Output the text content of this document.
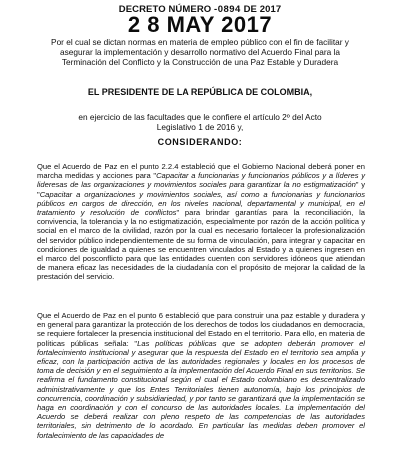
DECRETO NÚMERO -0894 DE 2017
2 8 MAY 2017
Por el cual se dictan normas en materia de empleo público con el fin de facilitar y asegurar la implementación y desarrollo normativo del Acuerdo Final para la Terminación del Conflicto y la Construcción de una Paz Estable y Duradera
EL PRESIDENTE DE LA REPÚBLICA DE COLOMBIA,
en ejercicio de las facultades que le confiere el artículo 2º del Acto Legislativo 1 de 2016 y,
CONSIDERANDO:

Que el Acuerdo de Paz en el punto 2.2.4 estableció que el Gobierno Nacional deberá poner en marcha medidas y acciones para "Capacitar a funcionarias y funcionarios públicos y a líderes y lideresas de las organizaciones y movimientos sociales para garantizar la no estigmatización" y "Capacitar a organizaciones y movimientos sociales, así como a funcionarias y funcionarios públicos en cargos de dirección, en los niveles nacional, departamental y municipal, en el tratamiento y resolución de conflictos" para brindar garantías para la reconciliación, la convivencia, la tolerancia y la no estigmatización, especialmente por razón de la acción política y social en el marco de la civilidad, razón por la cual es necesario fortalecer la profesionalización del servidor público independientemente de su forma de vinculación, para integrar y capacitar en condiciones de igualdad a quienes se encuentren vinculados al Estado y a quienes ingresen en el marco del posconflicto para que las entidades cuenten con servidores idóneos que atiendan de manera eficaz las necesidades de la ciudadanía con el propósito de mejorar la calidad de la prestación del servicio.

Que el Acuerdo de Paz en el punto 6 estableció que para construir una paz estable y duradera y en general para garantizar la protección de los derechos de todos los ciudadanos en democracia, se requiere fortalecer la presencia institucional del Estado en el territorio. Para ello, en materia de políticas públicas señala: "Las políticas públicas que se adopten deberán promover el fortalecimiento institucional y asegurar que la respuesta del Estado en el territorio sea amplia y eficaz, con la participación activa de las autoridades regionales y locales en los procesos de toma de decisión y en el seguimiento a la implementación del Acuerdo Final en sus territorios. Se reafirma el fundamento constitucional según el cual el Estado colombiano es descentralizado administrativamente y que los Entes Territoriales tienen autonomía, bajo los principios de concurrencia, coordinación y subsidiariedad, y por tanto se garantizará que la implementación se haga en coordinación y con el concurso de las autoridades locales. La implementación del Acuerdo se deberá realizar con pleno respeto de las competencias de las autoridades territoriales, sin detrimento de lo acordado. En particular las medidas deben promover el fortalecimiento de las capacidades de
